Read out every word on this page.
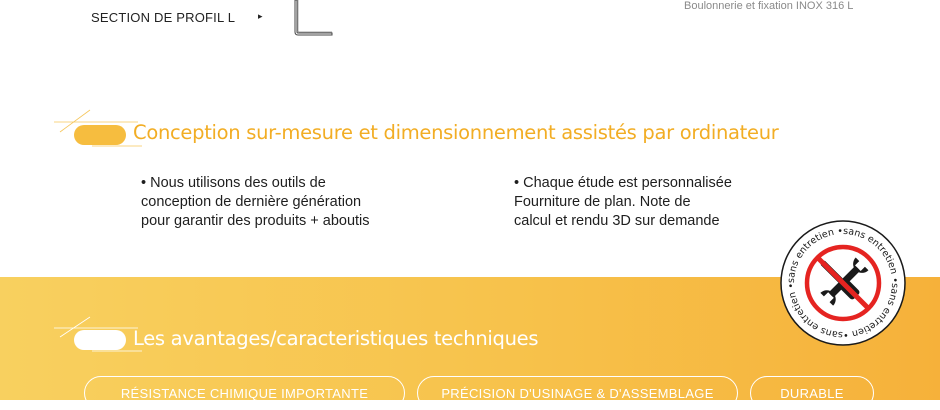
SECTION DE PROFIL L	▸
Boulonnerie et fixation INOX 316 L
Conception sur-mesure et dimensionnement assistés par ordinateur
• Nous utilisons des outils de
conception de dernière génération
pour garantir des produits + aboutis
• Chaque étude est personnalisée
Fourniture de plan. Note de
calcul et rendu 3D sur demande
Les avantages/caracteristiques techniques
RÉSISTANCE CHIMIQUE IMPORTANTE	PRÉCISION D'USINAGE & D'ASSEMBLAGE	DURABLE
sans entretien •sans entretien •sans entretien •sans entretien •
